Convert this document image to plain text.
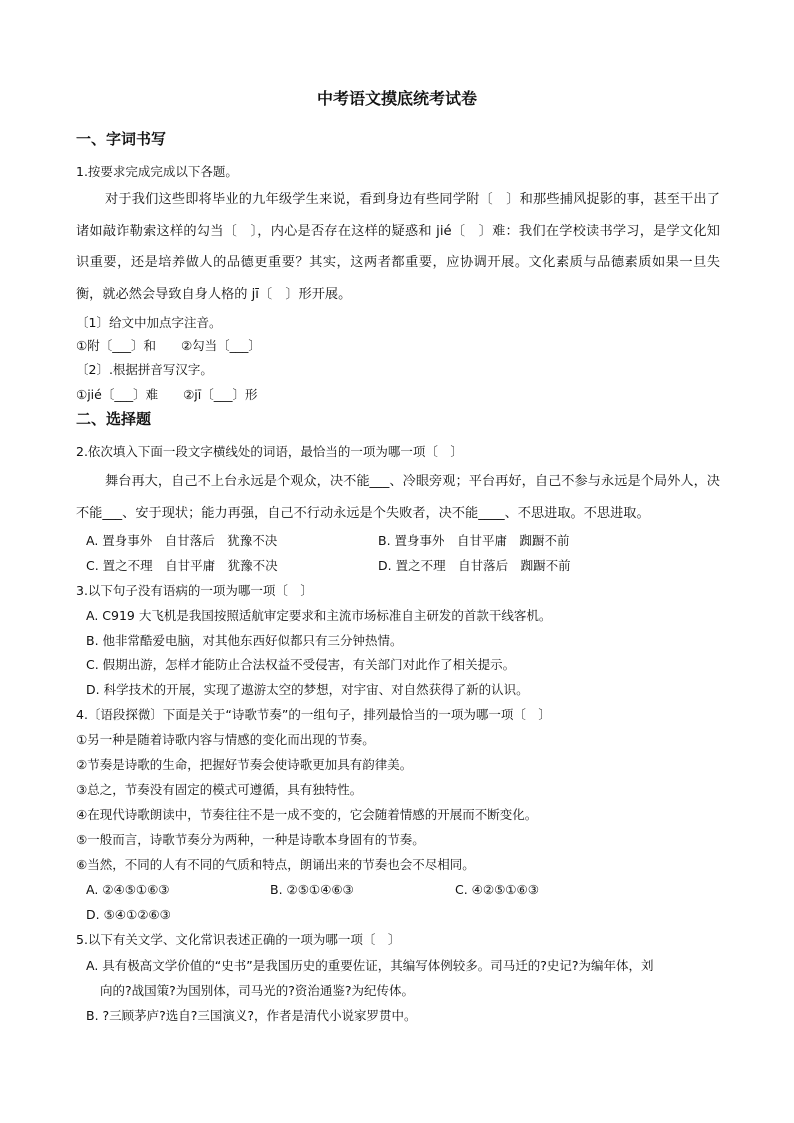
中考语文摸底统考试卷
一、字词书写
1.按要求完成完成以下各题。
对于我们这些即将毕业的九年级学生来说，看到身边有些同学附〔　〕和那些捕风捉影的事，甚至干出了诸如敲诈勒索这样的勾当〔　〕，内心是否存在这样的疑惑和 jié〔　〕难：我们在学校读书学习，是学文化知识重要，还是培养做人的品德更重要？其实，这两者都重要，应协调开展。文化素质与品德素质如果一旦失衡，就必然会导致自身人格的 jī〔　〕形开展。
〔1〕给文中加点字注音。
①附〔___〕和　　②勾当〔___〕
〔2〕.根据拼音写汉字。
①jié〔___〕难　　②jī〔___〕形
二、选择题
2.依次填入下面一段文字横线处的词语，最恰当的一项为哪一项〔　〕
舞台再大，自己不上台永远是个观众，决不能___、冷眼旁观；平台再好，自己不参与永远是个局外人，决不能___、安于现状；能力再强，自己不行动永远是个失败者，决不能____、不思进取。不思进取。
A. 置身事外　自甘落后　犹豫不决	B. 置身事外　自甘平庸　踟蹰不前
C. 置之不理　自甘平庸　犹豫不决	D. 置之不理　自甘落后　踟蹰不前
3.以下句子没有语病的一项为哪一项〔　〕
A. C919 大飞机是我国按照适航审定要求和主流市场标准自主研发的首款干线客机。
B. 他非常酷爱电脑，对其他东西好似都只有三分钟热情。
C. 假期出游，怎样才能防止合法权益不受侵害，有关部门对此作了相关提示。
D. 科学技术的开展，实现了遨游太空的梦想，对宇宙、对自然获得了新的认识。
4.〔语段探微〕下面是关于“诗歌节奏”的一组句子，排列最恰当的一项为哪一项〔　〕
①另一种是随着诗歌内容与情感的变化而出现的节奏。
②节奏是诗歌的生命，把握好节奏会使诗歌更加具有韵律美。
③总之，节奏没有固定的模式可遵循，具有独特性。
④在现代诗歌朗读中，节奏往往不是一成不变的，它会随着情感的开展而不断变化。
⑤一般而言，诗歌节奏分为两种，一种是诗歌本身固有的节奏。
⑥当然，不同的人有不同的气质和特点，朗诵出来的节奏也会不尽相同。
A. ②④⑤①⑥③	B. ②⑤①④⑥③	C. ④②⑤①⑥③
D. ⑤④①②⑥③
5.以下有关文学、文化常识表述正确的一项为哪一项〔　〕
A. 具有极高文学价值的“史书”是我国历史的重要佐证，其编写体例较多。司马迁的?史记?为编年体，刘
向的?战国策?为国别体，司马光的?资治通鉴?为纪传体。
B. ?三顾茅庐?选自?三国演义?，作者是清代小说家罗贯中。
